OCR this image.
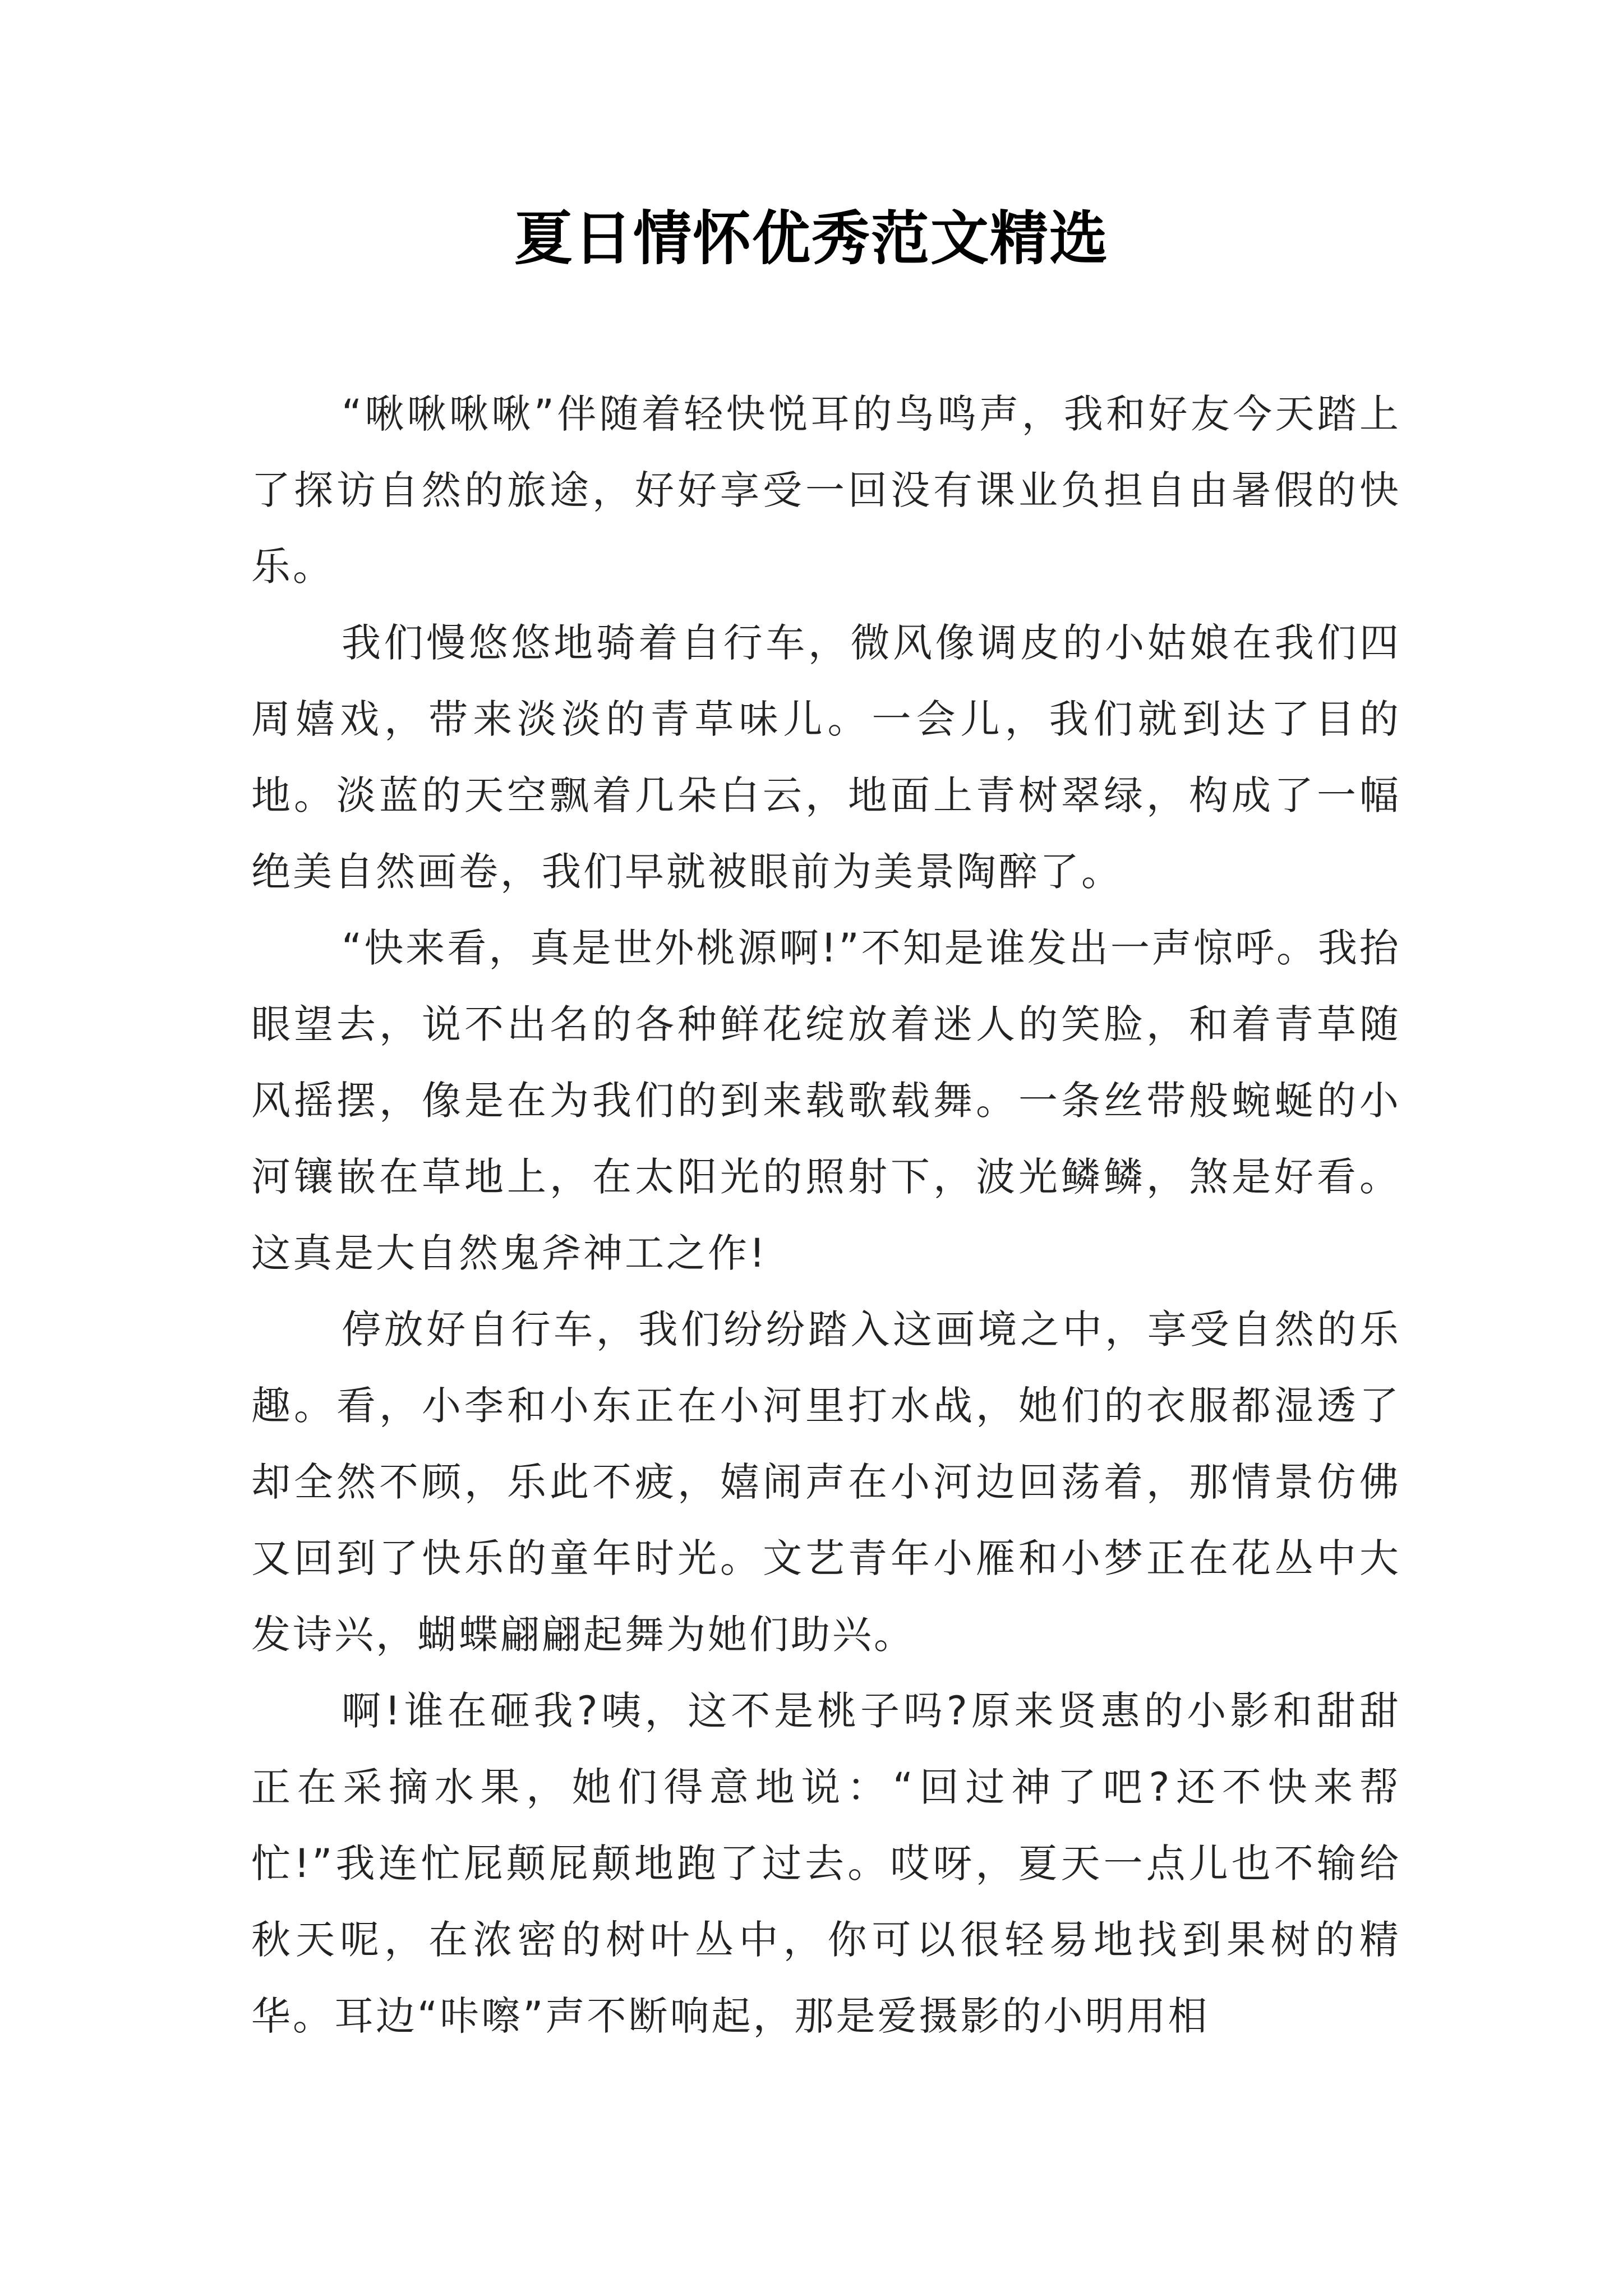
夏日情怀优秀范文精选

“啾啾啾啾”伴随着轻快悦耳的鸟鸣声，我和好友今天踏上了探访自然的旅途，好好享受一回没有课业负担自由暑假的快乐。

我们慢悠悠地骑着自行车，微风像调皮的小姑娘在我们四周嬉戏，带来淡淡的青草味儿。一会儿，我们就到达了目的地。淡蓝的天空飘着几朵白云，地面上青树翠绿，构成了一幅绝美自然画卷，我们早就被眼前为美景陶醉了。

“快来看，真是世外桃源啊!”不知是谁发出一声惊呼。我抬眼望去，说不出名的各种鲜花绽放着迷人的笑脸，和着青草随风摇摆，像是在为我们的到来载歌载舞。一条丝带般蜿蜒的小河镶嵌在草地上，在太阳光的照射下，波光鳞鳞，煞是好看。这真是大自然鬼斧神工之作!

停放好自行车，我们纷纷踏入这画境之中，享受自然的乐趣。看，小李和小东正在小河里打水战，她们的衣服都湿透了却全然不顾，乐此不疲，嬉闹声在小河边回荡着，那情景仿佛又回到了快乐的童年时光。文艺青年小雁和小梦正在花丛中大发诗兴，蝴蝶翩翩起舞为她们助兴。

啊!谁在砸我?咦，这不是桃子吗?原来贤惠的小影和甜甜正在采摘水果，她们得意地说：“回过神了吧?还不快来帮忙!”我连忙屁颠屁颠地跑了过去。哎呀，夏天一点儿也不输给秋天呢，在浓密的树叶丛中，你可以很轻易地找到果树的精华。耳边“咔嚓”声不断响起，那是爱摄影的小明用相
